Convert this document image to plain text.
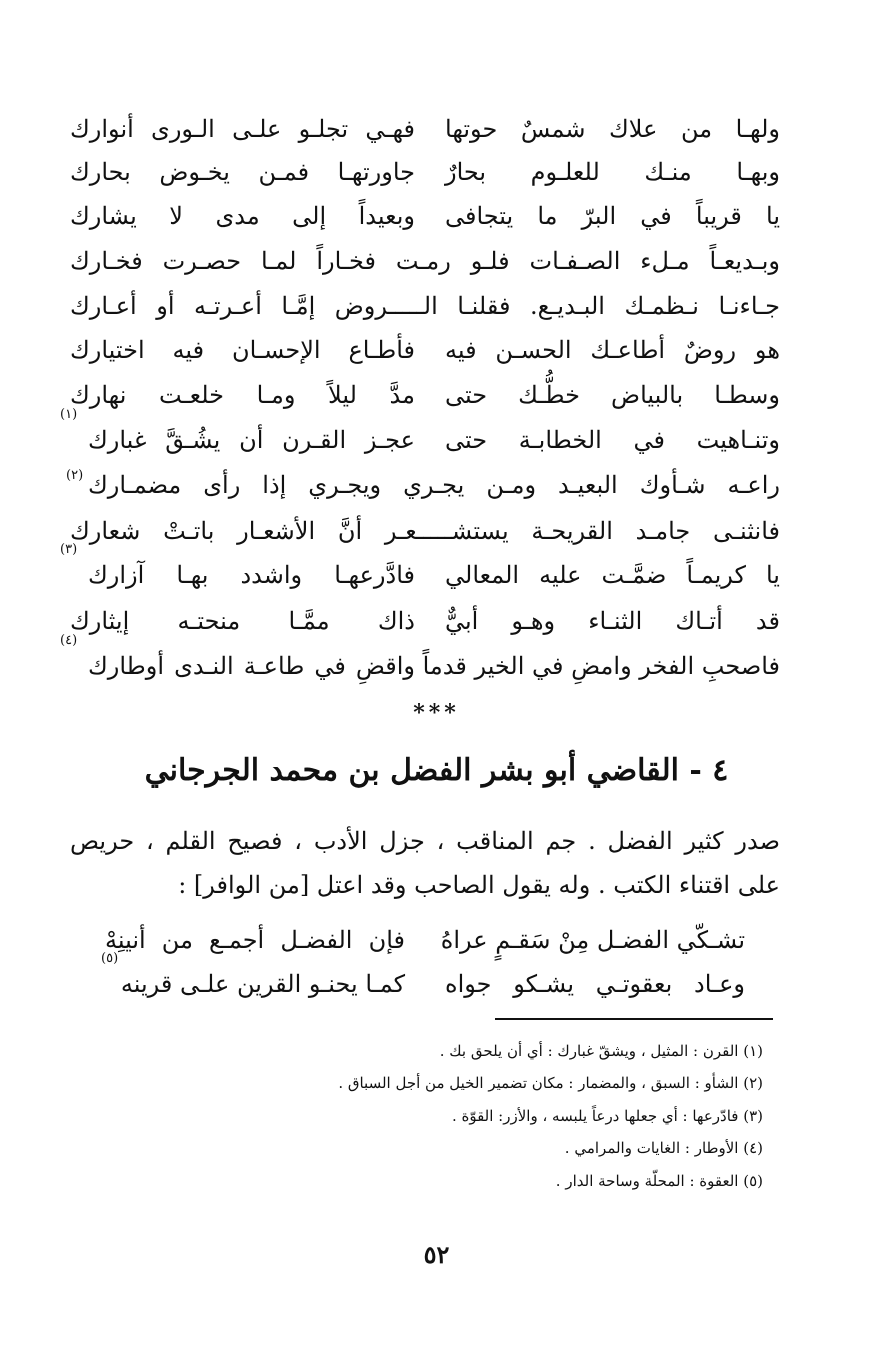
ولهـا من علاك شمسٌ حوتها
فهـي تجلـو علـى الـورى أنوارك
وبهـا منـك للعلـوم بحارٌ
جاورتهـا فمـن يخـوض بحارك
يا قريباً في البرّ ما يتجافى
وبعيداً إلى مدى لا يشارك
وبـديعـاً مـلء الصـفـات فلـو رمـت فخـاراً لمـا حصـرت فخـارك
جـاءنـا نـظمـك البـديـع. فقلنـا الـــــروض إمَّـا أعـرتـه أو أعـارك
هو روضٌ أطاعـك الحسـن فيه
فأطـاع الإحسـان فيه اختيارك
وسطـا بالبياض خطُّـك حتى
مدَّ ليلاً ومـا خلعـت نهارك
وتنـاهيت في الخطابـة حتى
عجـز القـرن أن يشُـقَّ غبارك
(١)
راعـه شـأوك البعيـد ومـن يجـري ويجـري إذا رأى مضمـارك
(٢)
فانثنـى جامـد القريحـة يستشـــــعـر أنَّ الأشعـار باتـتْ شعارك
يا كريمـاً ضمَّـت عليه المعالي
فادَّرعهـا واشدد بهـا آزارك
(٣)
قد أتـاك الثنـاء وهـو أبيٌّ
ذاك ممَّـا منحتـه إيثارك
فاصحبِ الفخر وامضِ في الخير قدماً
واقضِ في طاعـة النـدى أوطارك
(٤)
***
٤ - القاضي أبو بشر الفضل بن محمد الجرجاني
صدر كثير الفضل . جم المناقب ، جزل الأدب ، فصيح القلم ، حريص
على اقتناء الكتب . وله يقول الصاحب وقد اعتل [من الوافر] :
تشـكّي الفضـل مِنْ سَقـمٍ عراهُ
فإن الفضـل أجمـع من أنينِهْ
وعـاد بعقوتـي يشـكو جواه
كمـا يحنـو القرين علـى قرينه
(٥)
(١) القرن : المثيل ، ويشقّ غبارك : أي أن يلحق بك .
(٢) الشأو : السبق ، والمضمار : مكان تضمير الخيل من أجل السباق .
(٣) فادّرعها : أي جعلها درعاً يلبسه ، والأزر: القوّة .
(٤) الأوطار : الغايات والمرامي .
(٥) العقوة : المحلّة وساحة الدار .
٥٢
